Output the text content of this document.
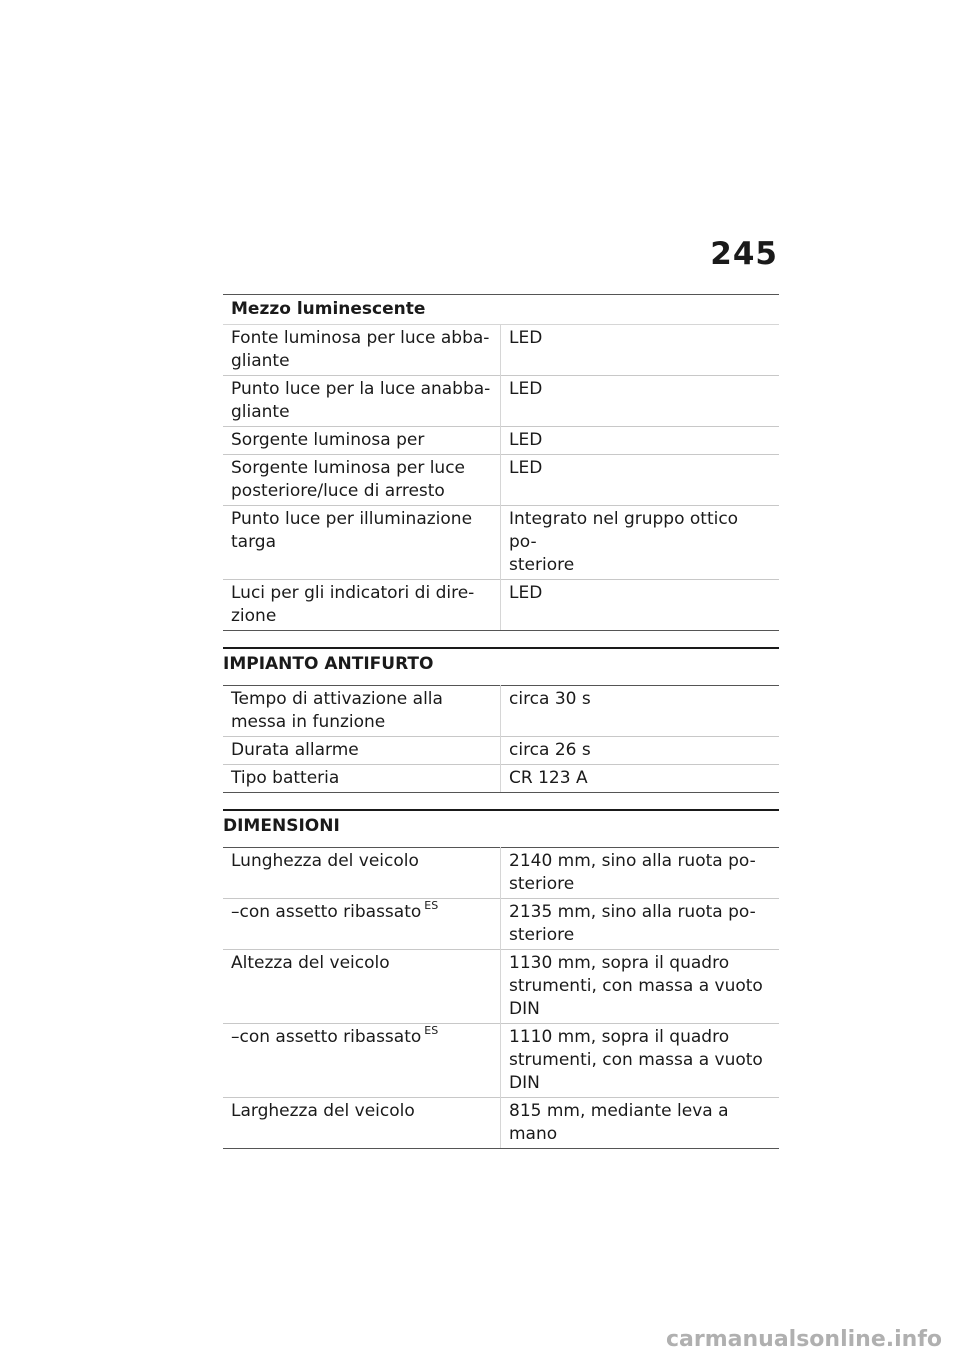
245
Mezzo luminescente
Fonte luminosa per luce abba-
gliante	LED
Punto luce per la luce anabba-
gliante	LED
Sorgente luminosa per	LED
Sorgente luminosa per luce
posteriore/luce di arresto	LED
Punto luce per illuminazione
targa	Integrato nel gruppo ottico po-
steriore
Luci per gli indicatori di dire-
zione	LED
IMPIANTO ANTIFURTO
Tempo di attivazione alla
messa in funzione	circa 30 s
Durata allarme	circa 26 s
Tipo batteria	CR 123 A
DIMENSIONI
Lunghezza del veicolo	2140 mm, sino alla ruota po-
steriore
–con assetto ribassato $^{ES}$	2135 mm, sino alla ruota po-
steriore
Altezza del veicolo	1130 mm, sopra il quadro
strumenti, con massa a vuoto
DIN
–con assetto ribassato $^{ES}$	1110 mm, sopra il quadro
strumenti, con massa a vuoto
DIN
Larghezza del veicolo	815 mm, mediante leva a
mano
carmanualsonline.info
